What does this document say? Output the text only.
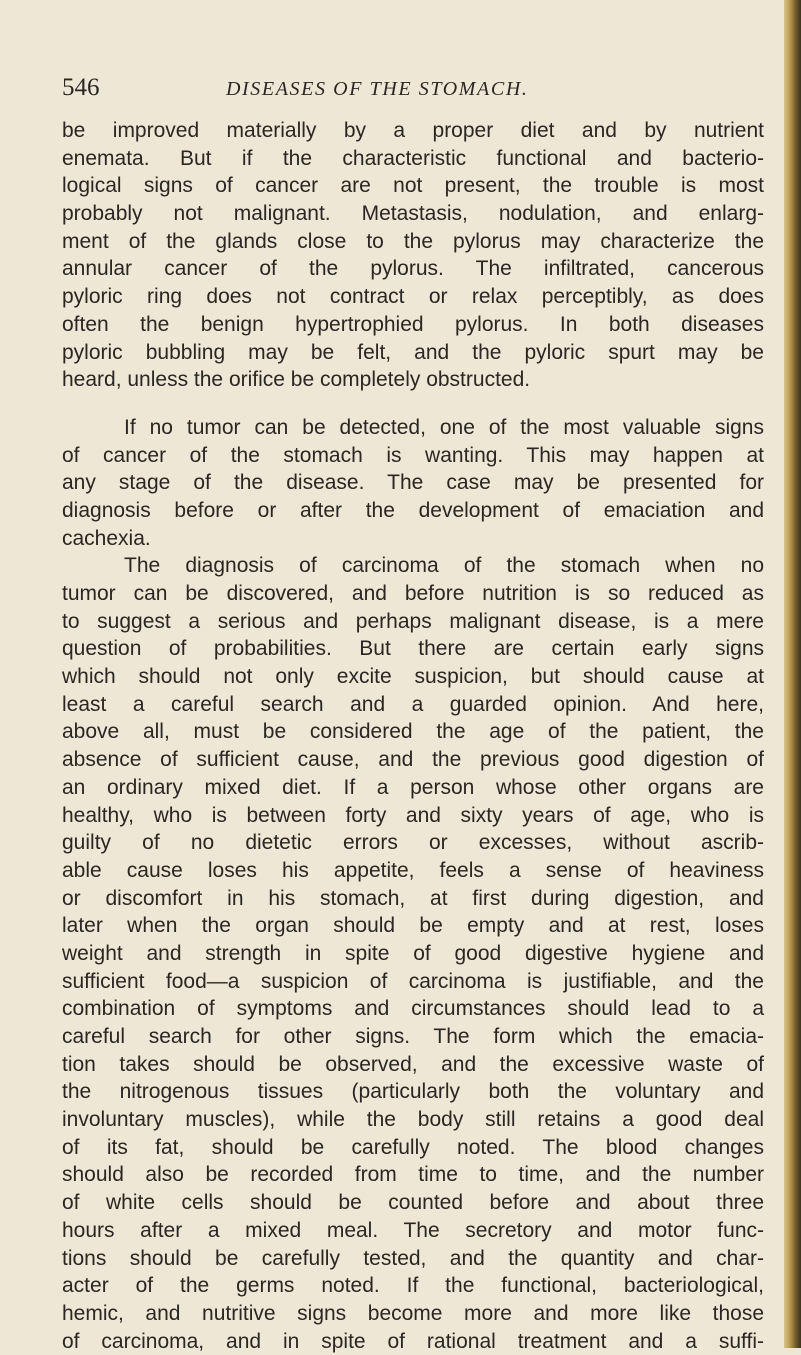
546	DISEASES OF THE STOMACH.
be improved materially by a proper diet and by nutrient
enemata. But if the characteristic functional and bacterio-
logical signs of cancer are not present, the trouble is most
probably not malignant. Metastasis, nodulation, and enlarg-
ment of the glands close to the pylorus may characterize the
annular cancer of the pylorus. The infiltrated, cancerous
pyloric ring does not contract or relax perceptibly, as does
often the benign hypertrophied pylorus. In both diseases
pyloric bubbling may be felt, and the pyloric spurt may be
heard, unless the orifice be completely obstructed.
If no tumor can be detected, one of the most valuable signs
of cancer of the stomach is wanting. This may happen at
any stage of the disease. The case may be presented for
diagnosis before or after the development of emaciation and
cachexia.
The diagnosis of carcinoma of the stomach when no
tumor can be discovered, and before nutrition is so reduced as
to suggest a serious and perhaps malignant disease, is a mere
question of probabilities. But there are certain early signs
which should not only excite suspicion, but should cause at
least a careful search and a guarded opinion. And here,
above all, must be considered the age of the patient, the
absence of sufficient cause, and the previous good digestion of
an ordinary mixed diet. If a person whose other organs are
healthy, who is between forty and sixty years of age, who is
guilty of no dietetic errors or excesses, without ascrib-
able cause loses his appetite, feels a sense of heaviness
or discomfort in his stomach, at first during digestion, and
later when the organ should be empty and at rest, loses
weight and strength in spite of good digestive hygiene and
sufficient food—a suspicion of carcinoma is justifiable, and the
combination of symptoms and circumstances should lead to a
careful search for other signs. The form which the emacia-
tion takes should be observed, and the excessive waste of
the nitrogenous tissues (particularly both the voluntary and
involuntary muscles), while the body still retains a good deal
of its fat, should be carefully noted. The blood changes
should also be recorded from time to time, and the number
of white cells should be counted before and about three
hours after a mixed meal. The secretory and motor func-
tions should be carefully tested, and the quantity and char-
acter of the germs noted. If the functional, bacteriological,
hemic, and nutritive signs become more and more like those
of carcinoma, and in spite of rational treatment and a suffi-
